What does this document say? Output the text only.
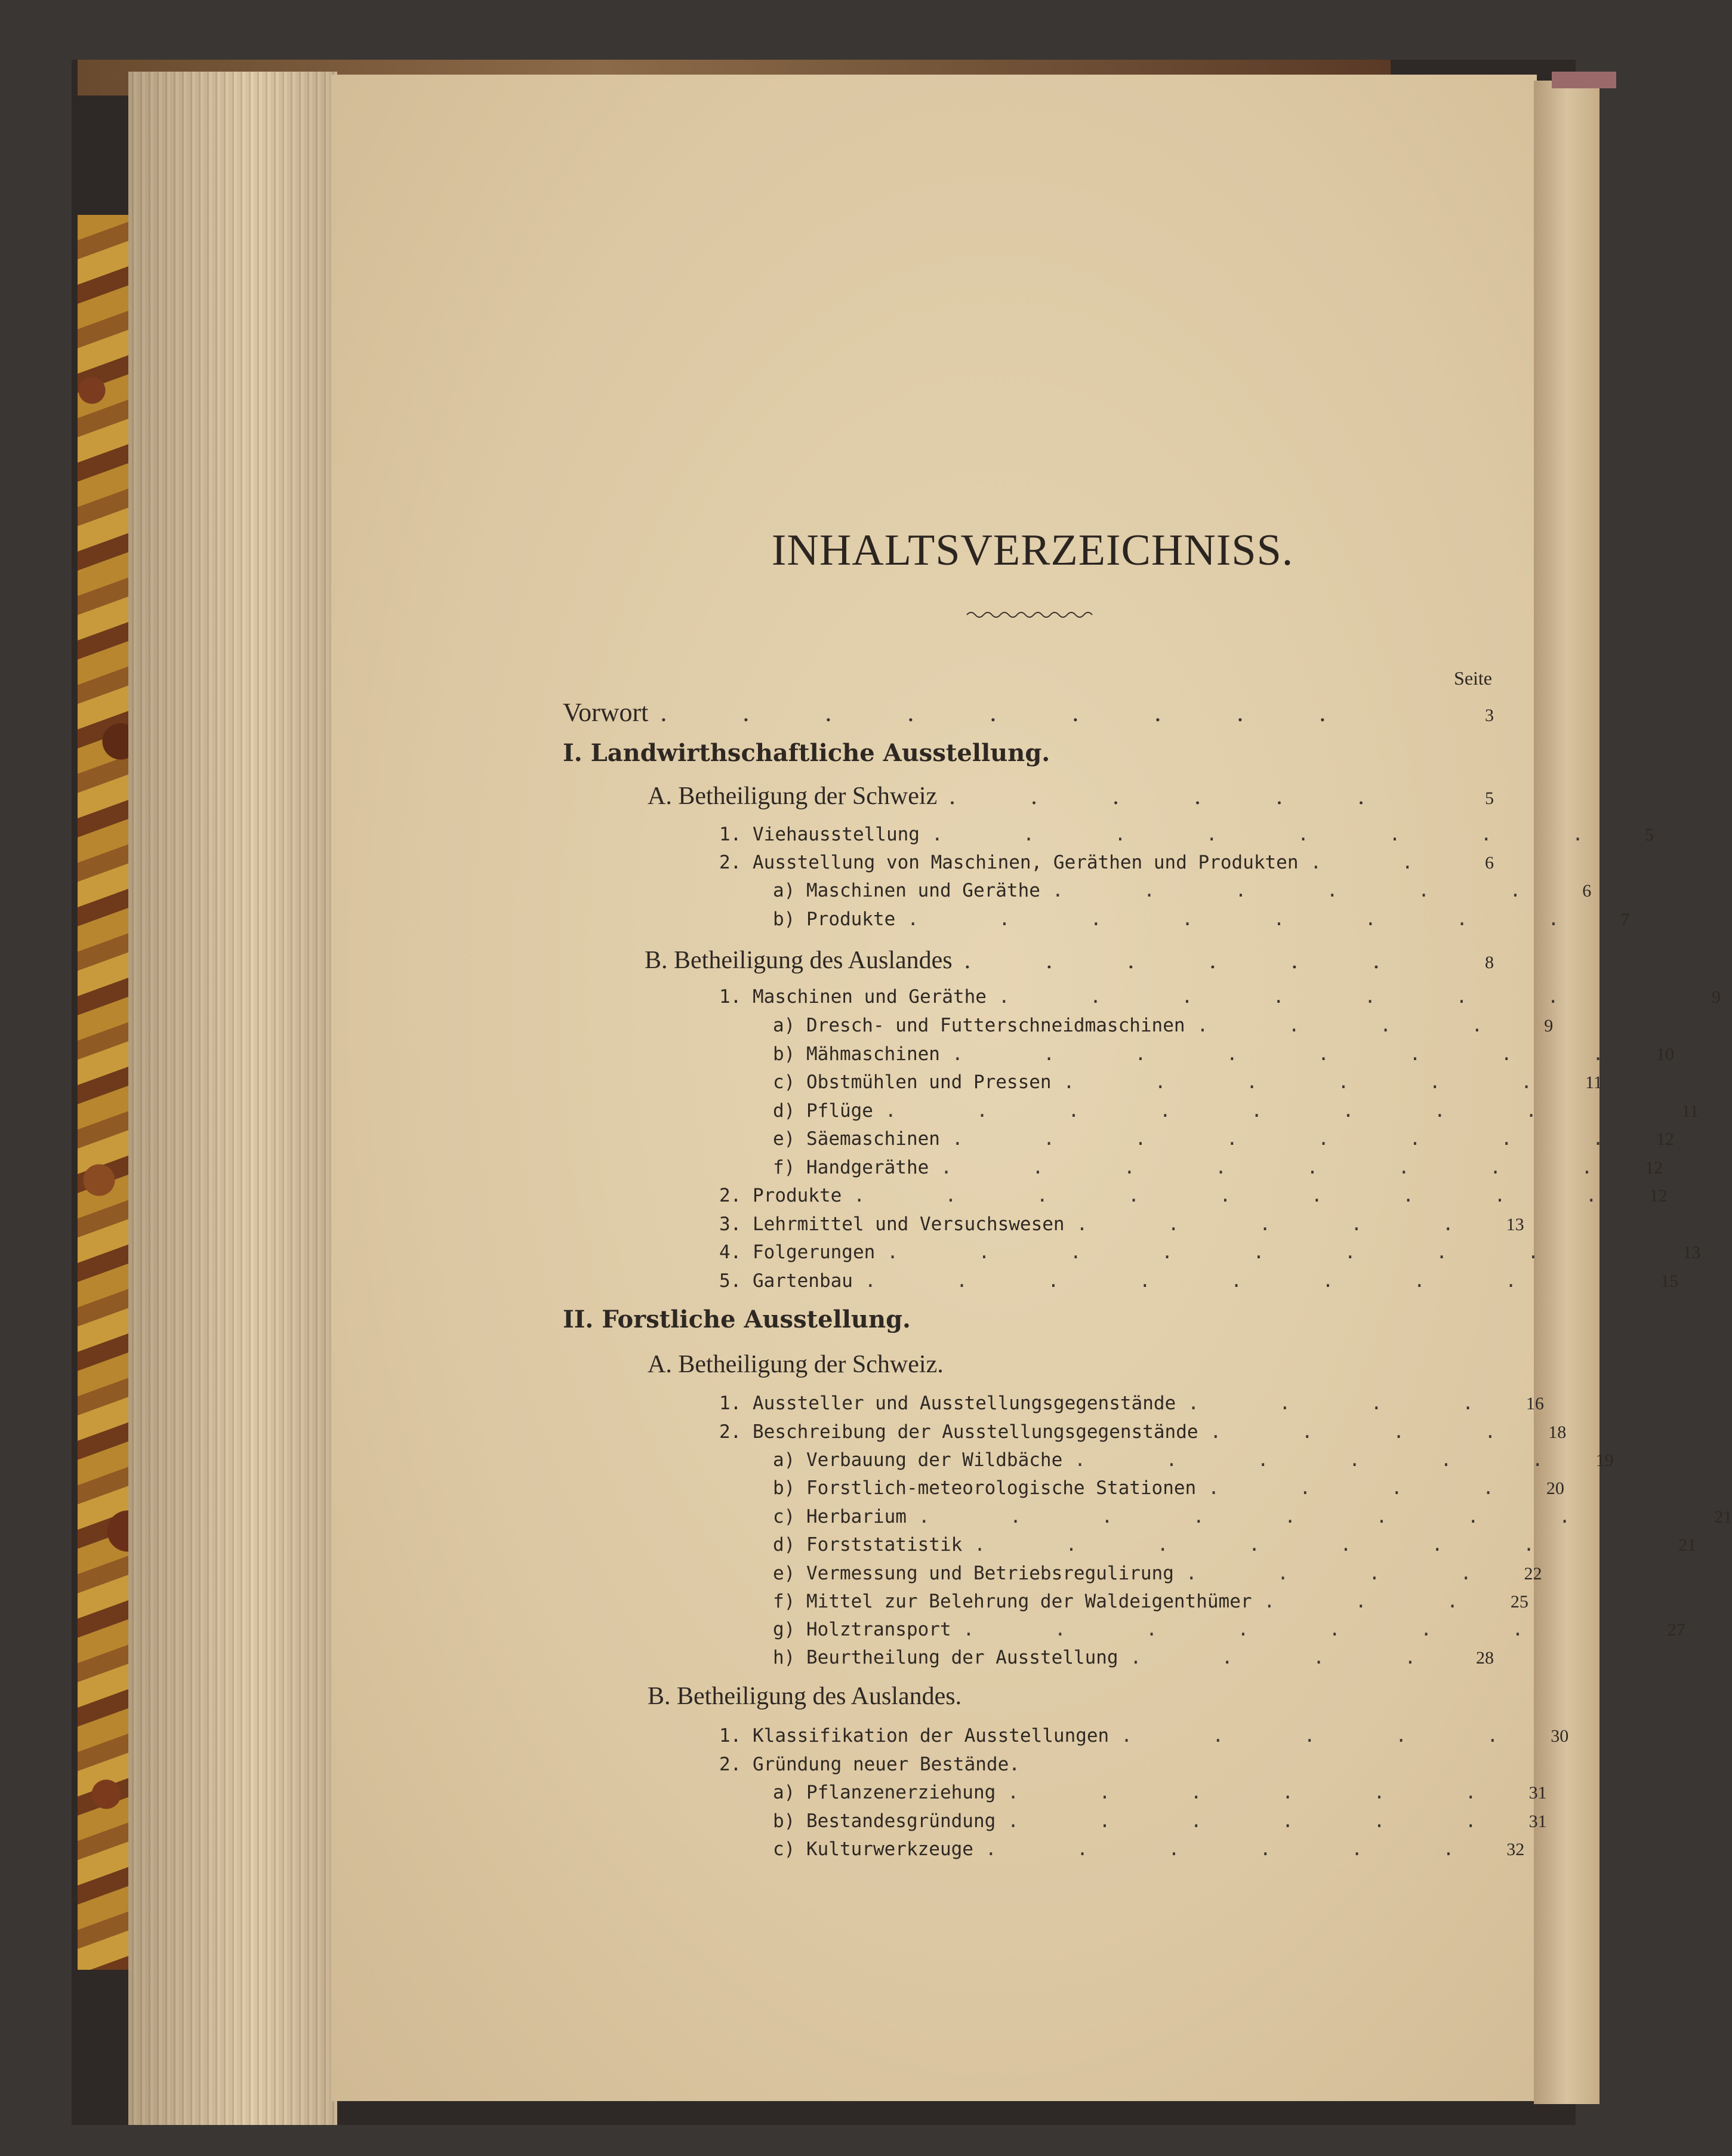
INHALTSVERZEICHNISS.
Seite
Vorwort . . . . . . . . .	3
I. Landwirthschaftliche Ausstellung.
A. Betheiligung der Schweiz . . . . . .	5
1. Viehausstellung . . . . . . . .	5
2. Ausstellung von Maschinen, Geräthen und Produkten . .	6
a) Maschinen und Geräthe . . . . . .	6
b) Produkte . . . . . . . .	7
B. Betheiligung des Auslandes . . . . . .	8
1. Maschinen und Geräthe . . . . . . . .	9
a) Dresch- und Futterschneidmaschinen . . . .	9
b) Mähmaschinen . . . . . . . .	10
c) Obstmühlen und Pressen . . . . . .	11
d) Pflüge . . . . . . . . .	11
e) Säemaschinen . . . . . . . .	12
f) Handgeräthe . . . . . . . .	12
2. Produkte . . . . . . . . .	12
3. Lehrmittel und Versuchswesen . . . . .	13
4. Folgerungen . . . . . . . . .	13
5. Gartenbau . . . . . . . . .	15
II. Forstliche Ausstellung.
A. Betheiligung der Schweiz.
1. Aussteller und Ausstellungsgegenstände . . . .	16
2. Beschreibung der Ausstellungsgegenstände . . . .	18
a) Verbauung der Wildbäche . . . . . .	19
b) Forstlich-meteorologische Stationen . . . .	20
c) Herbarium . . . . . . . . .	21
d) Forststatistik . . . . . . . .	21
e) Vermessung und Betriebsregulirung . . . .	22
f) Mittel zur Belehrung der Waldeigenthümer . . .	25
g) Holztransport . . . . . . . .	27
h) Beurtheilung der Ausstellung . . . .	28
B. Betheiligung des Auslandes.
1. Klassifikation der Ausstellungen . . . . .	30
2. Gründung neuer Bestände.
a) Pflanzenerziehung . . . . . .	31
b) Bestandesgründung . . . . . .	31
c) Kulturwerkzeuge . . . . . .	32
